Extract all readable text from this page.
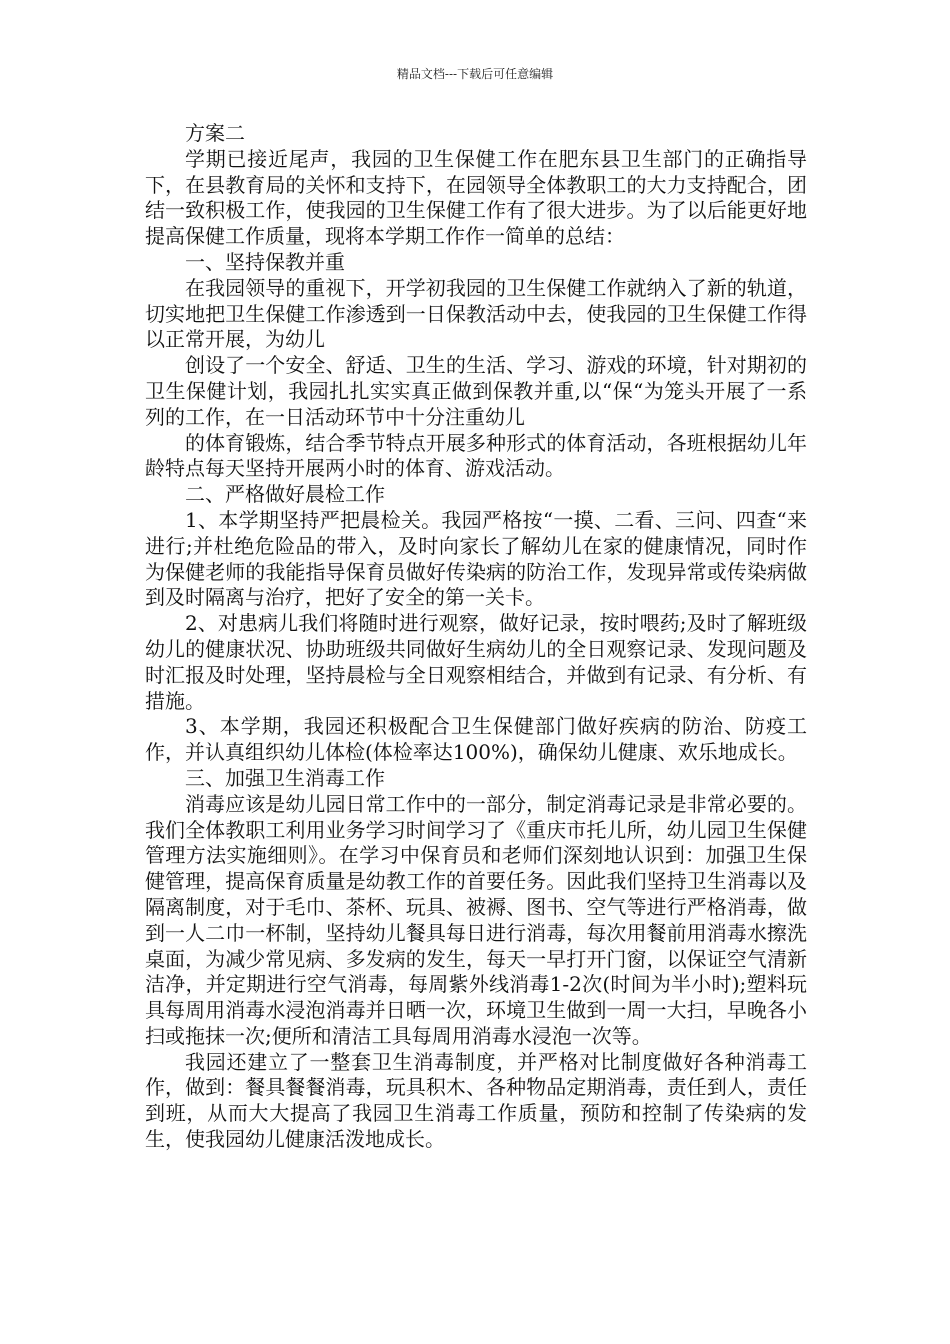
精品文档---下载后可任意编辑

方案二

学期已接近尾声，我园的卫生保健工作在肥东县卫生部门的正确指导下，在县教育局的关怀和支持下，在园领导全体教职工的大力支持配合，团结一致积极工作，使我园的卫生保健工作有了很大进步。为了以后能更好地提高保健工作质量，现将本学期工作作一简单的总结：

一、坚持保教并重

在我园领导的重视下，开学初我园的卫生保健工作就纳入了新的轨道，切实地把卫生保健工作渗透到一日保教活动中去，使我园的卫生保健工作得以正常开展，为幼儿

创设了一个安全、舒适、卫生的生活、学习、游戏的环境，针对期初的卫生保健计划，我园扎扎实实真正做到保教并重,以“保“为笼头开展了一系列的工作，在一日活动环节中十分注重幼儿

的体育锻炼，结合季节特点开展多种形式的体育活动，各班根据幼儿年龄特点每天坚持开展两小时的体育、游戏活动。

二、严格做好晨检工作

1、本学期坚持严把晨检关。我园严格按“一摸、二看、三问、四查“来进行;并杜绝危险品的带入，及时向家长了解幼儿在家的健康情况，同时作为保健老师的我能指导保育员做好传染病的防治工作，发现异常或传染病做到及时隔离与治疗，把好了安全的第一关卡。

2、对患病儿我们将随时进行观察，做好记录，按时喂药;及时了解班级幼儿的健康状况、协助班级共同做好生病幼儿的全日观察记录、发现问题及时汇报及时处理，坚持晨检与全日观察相结合，并做到有记录、有分析、有措施。

3、本学期，我园还积极配合卫生保健部门做好疾病的防治、防疫工作，并认真组织幼儿体检(体检率达100%)，确保幼儿健康、欢乐地成长。

三、加强卫生消毒工作

消毒应该是幼儿园日常工作中的一部分，制定消毒记录是非常必要的。我们全体教职工利用业务学习时间学习了《重庆市托儿所，幼儿园卫生保健管理方法实施细则》。在学习中保育员和老师们深刻地认识到：加强卫生保健管理，提高保育质量是幼教工作的首要任务。因此我们坚持卫生消毒以及隔离制度，对于毛巾、茶杯、玩具、被褥、图书、空气等进行严格消毒，做到一人二巾一杯制，坚持幼儿餐具每日进行消毒，每次用餐前用消毒水擦洗桌面，为减少常见病、多发病的发生，每天一早打开门窗，以保证空气清新洁净，并定期进行空气消毒，每周紫外线消毒1-2次(时间为半小时);塑料玩具每周用消毒水浸泡消毒并日晒一次，环境卫生做到一周一大扫，早晚各小扫或拖抹一次;便所和清洁工具每周用消毒水浸泡一次等。

我园还建立了一整套卫生消毒制度，并严格对比制度做好各种消毒工作，做到：餐具餐餐消毒，玩具积木、各种物品定期消毒，责任到人，责任到班，从而大大提高了我园卫生消毒工作质量，预防和控制了传染病的发生，使我园幼儿健康活泼地成长。
